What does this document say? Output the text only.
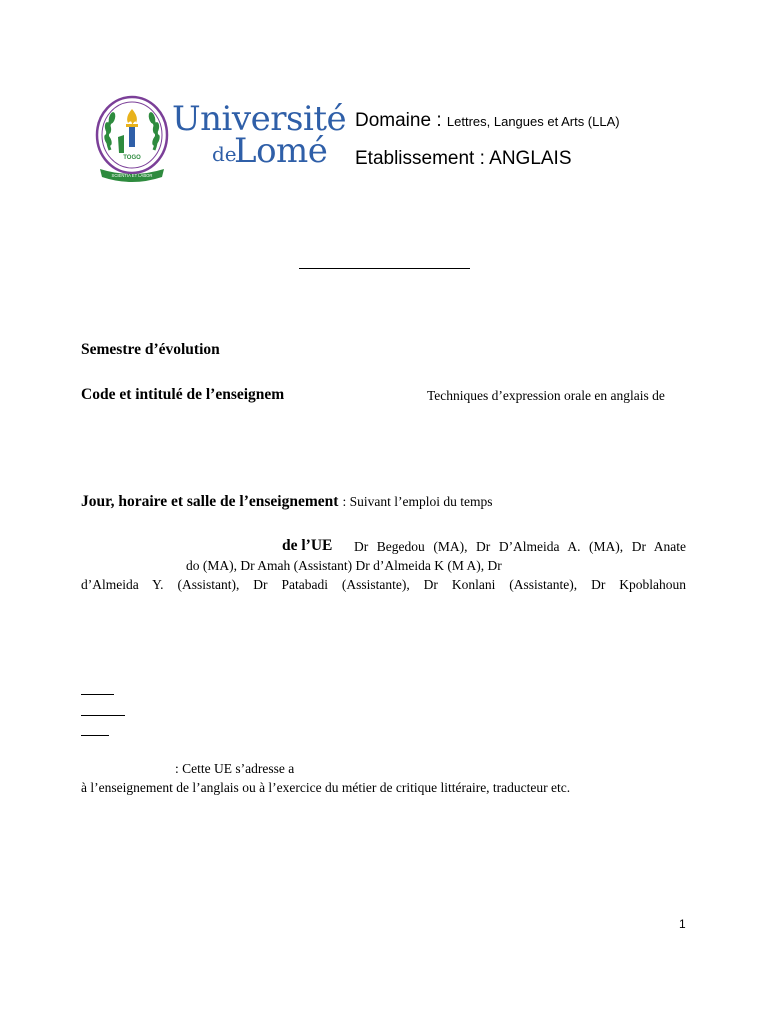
TOGO
SCIENTIA ET LABOR
Université
de
Lomé
Domaine : Lettres, Langues et Arts (LLA)
Etablissement : ANGLAIS
Semestre d’évolution
Code et intitulé de l’enseignem	Techniques d’expression orale en anglais de
Jour, horaire et salle de l’enseignement : Suivant l’emploi du temps
de l’UE Dr Begedou (MA), Dr D’Almeida A. (MA), Dr Anate
do (MA), Dr Amah (Assistant) Dr d’Almeida K (M A), Dr
d’Almeida Y. (Assistant), Dr Patabadi (Assistante), Dr Konlani (Assistante), Dr Kpoblahoun
: Cette UE s’adresse a
à l’enseignement de l’anglais ou à l’exercice du métier de critique littéraire, traducteur etc.
1
